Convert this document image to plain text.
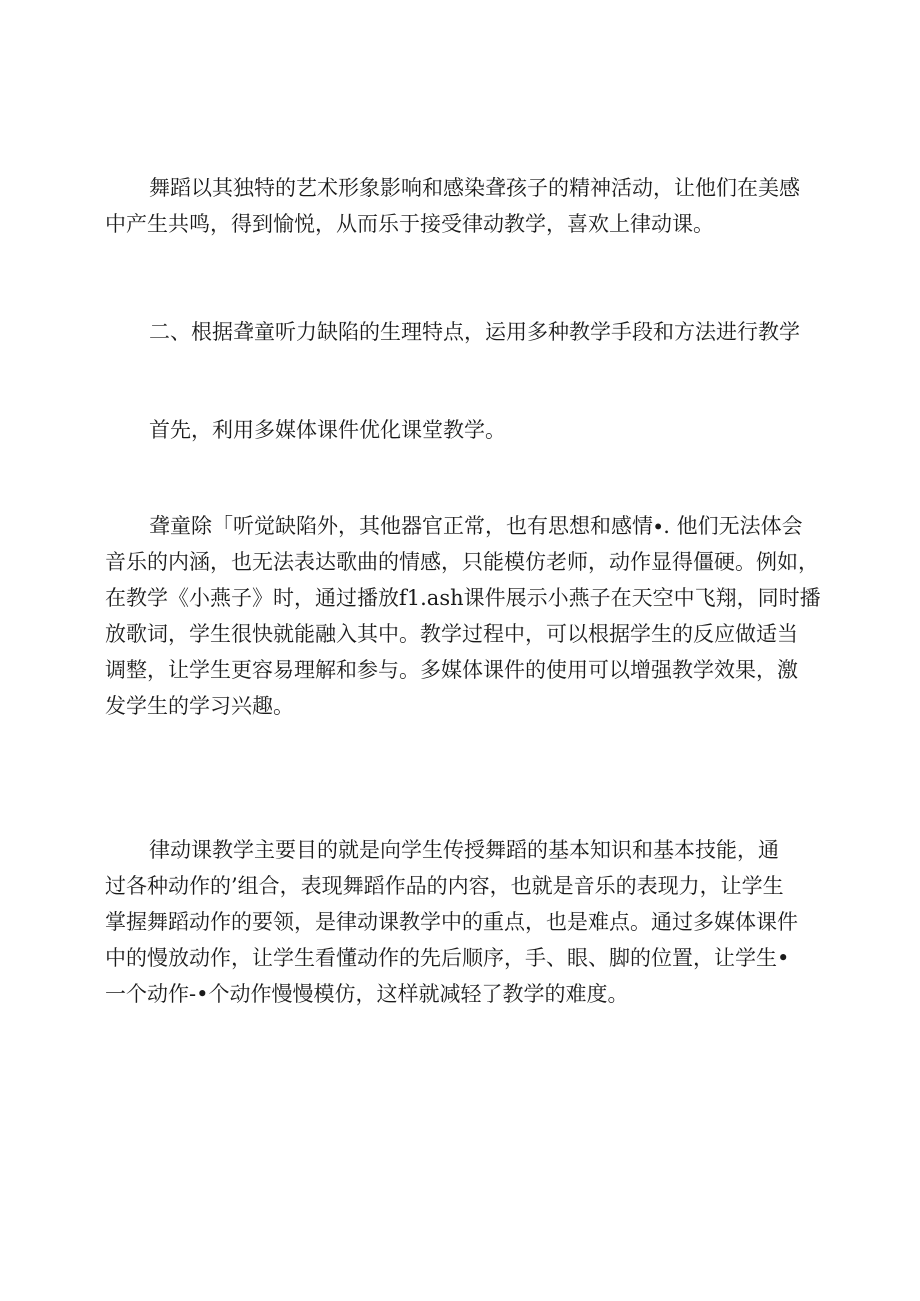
舞蹈以其独特的艺术形象影响和感染聋孩子的精神活动，让他们在美感
中产生共鸣，得到愉悦，从而乐于接受律动教学，喜欢上律动课。
二、根据聋童听力缺陷的生理特点，运用多种教学手段和方法进行教学
首先，利用多媒体课件优化课堂教学。
聋童除「听觉缺陷外，其他器官正常，也有思想和感情∙. 他们无法体会
音乐的内涵，也无法表达歌曲的情感，只能模仿老师，动作显得僵硬。例如，
在教学《小燕子》时，通过播放f1.ash课件展示小燕子在天空中飞翔，同时播
放歌词，学生很快就能融入其中。教学过程中，可以根据学生的反应做适当
调整，让学生更容易理解和参与。多媒体课件的使用可以增强教学效果，激
发学生的学习兴趣。
律动课教学主要目的就是向学生传授舞蹈的基本知识和基本技能，通
过各种动作的’组合，表现舞蹈作品的内容，也就是音乐的表现力，让学生
掌握舞蹈动作的要领，是律动课教学中的重点，也是难点。通过多媒体课件
中的慢放动作，让学生看懂动作的先后顺序，手、眼、脚的位置，让学生•
一个动作-•个动作慢慢模仿，这样就减轻了教学的难度。
